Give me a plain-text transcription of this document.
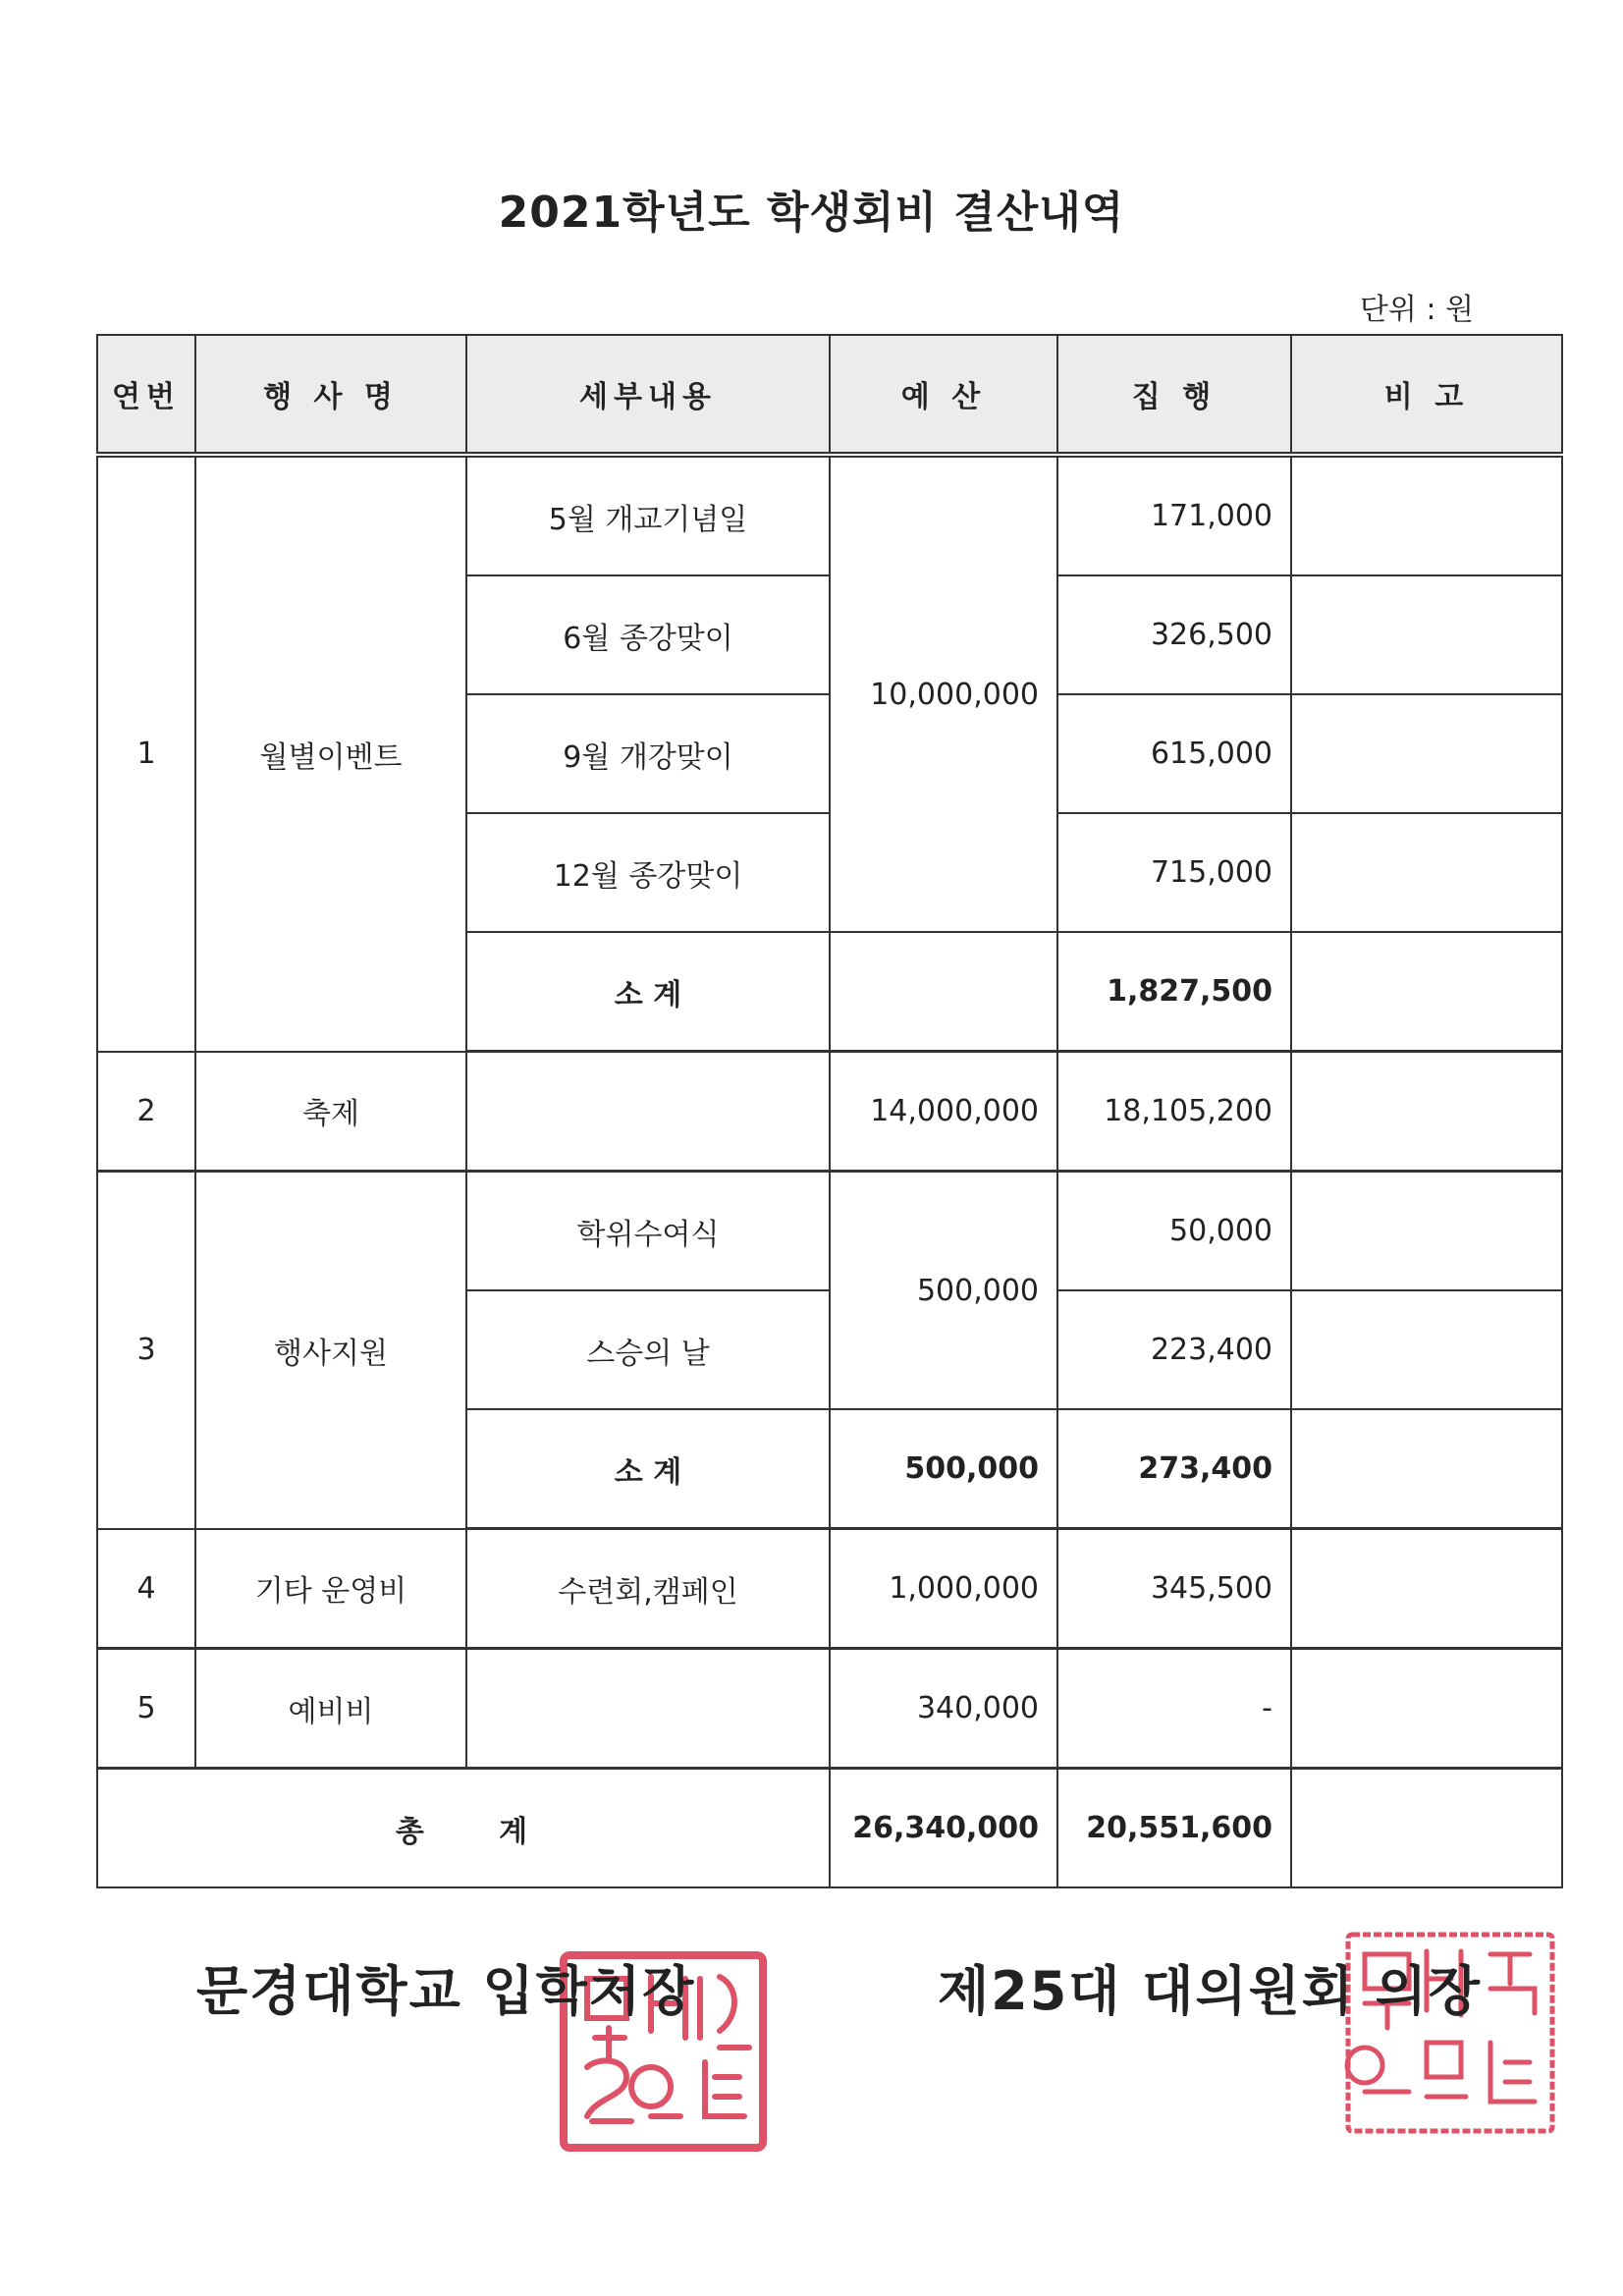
2021학년도 학생회비 결산내역
단위 : 원
연번	행 사 명	세부내용	예 산	집 행	비 고
1	월별이벤트	5월 개교기념일	10,000,000	171,000	
		6월 종강맞이		326,500	
		9월 개강맞이		615,000	
		12월 종강맞이		715,000	
		소 계		1,827,500	
2	축제		14,000,000	18,105,200	
3	행사지원	학위수여식	500,000	50,000	
		스승의 날		223,400	
		소 계	500,000	273,400	
4	기타 운영비	수련회,캠페인	1,000,000	345,500	
5	예비비		340,000	-	
총     계			26,340,000	20,551,600	
문경대학교 입학처장	제25대 대의원회 의장
